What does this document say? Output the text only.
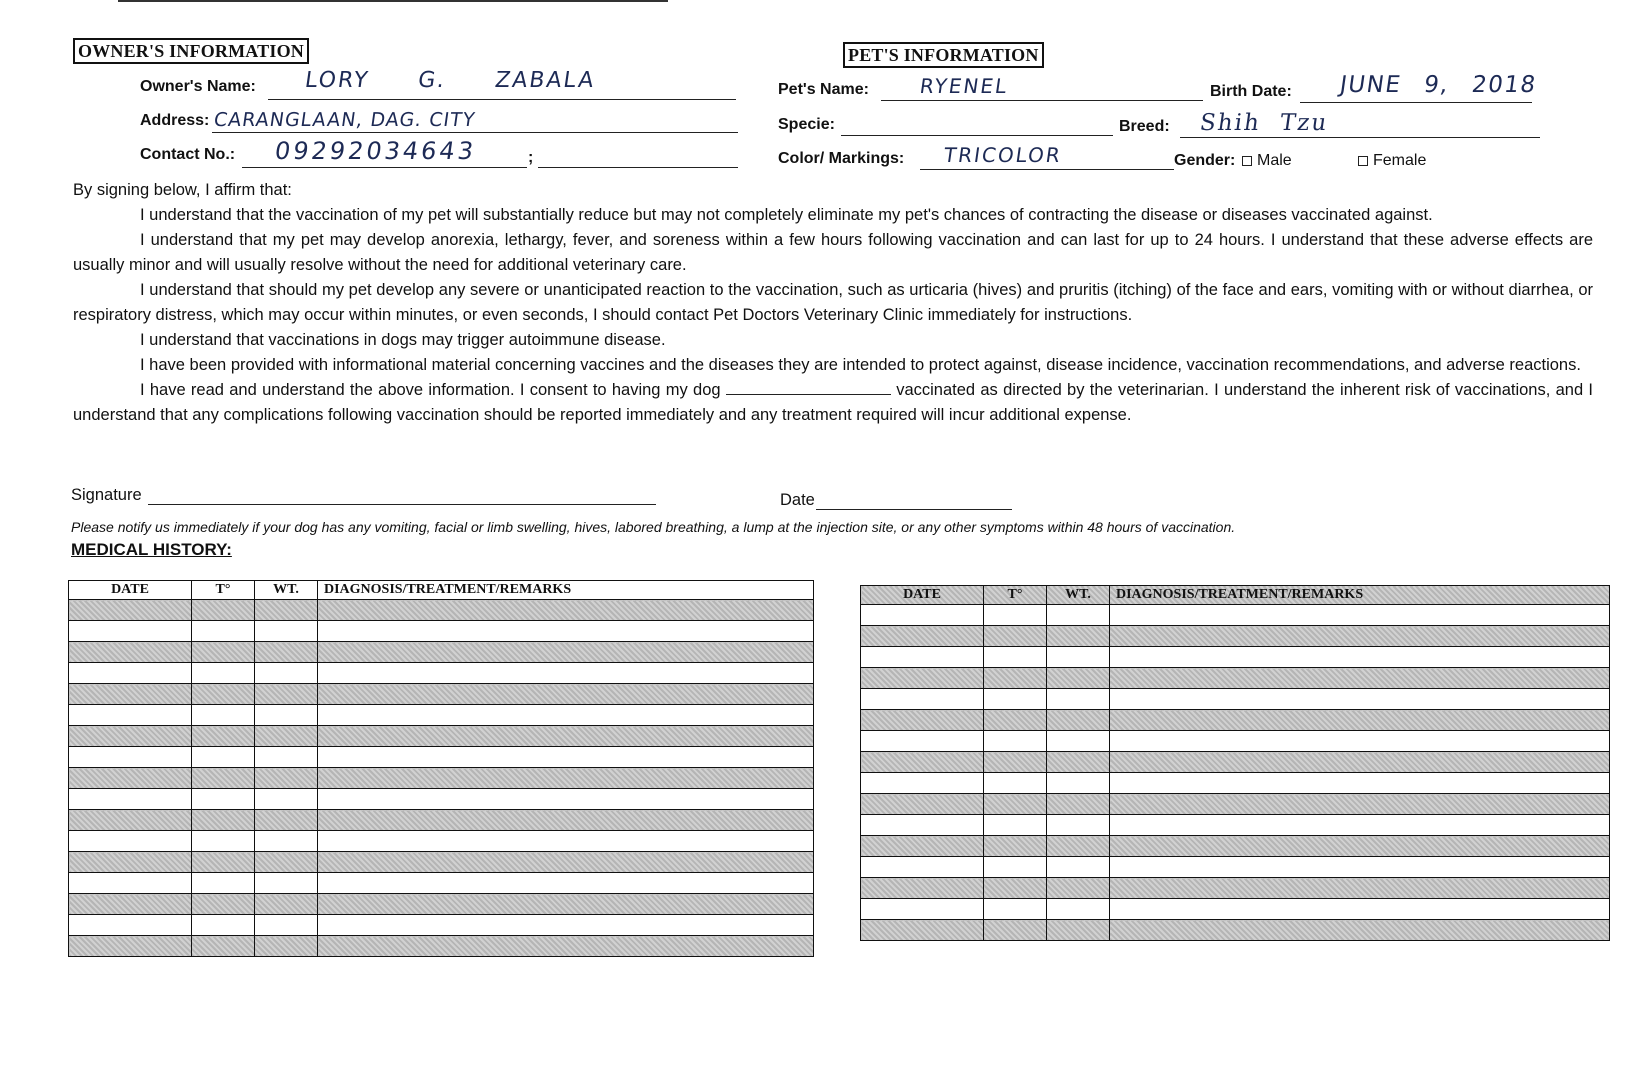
OWNER'S INFORMATION
Owner's Name: LORY G. ZABALA
Address: CARANGLAAN, DAG. CITY
Contact No.:	;
09292034643
PET'S INFORMATION
Pet's Name: RYENEL	Birth Date: JUNE 9, 2018
Specie:	Breed: Shih Tzu
Color/ Markings: TRICOLOR	Gender:	Male	Female

By signing below, I affirm that:

I understand that the vaccination of my pet will substantially reduce but may not completely eliminate my pet's chances of contracting the disease or diseases vaccinated against.

I understand that my pet may develop anorexia, lethargy, fever, and soreness within a few hours following vaccination and can last for up to 24 hours. I understand that these adverse effects are usually minor and will usually resolve without the need for additional veterinary care.

I understand that should my pet develop any severe or unanticipated reaction to the vaccination, such as urticaria (hives) and pruritis (itching) of the face and ears, vomiting with or without diarrhea, or respiratory distress, which may occur within minutes, or even seconds, I should contact Pet Doctors Veterinary Clinic immediately for instructions.

I understand that vaccinations in dogs may trigger autoimmune disease.

I have been provided with informational material concerning vaccines and the diseases they are intended to protect against, disease incidence, vaccination recommendations, and adverse reactions.

I have read and understand the above information. I consent to having my dog	vaccinated as directed by the veterinarian. I understand the inherent risk of vaccinations, and I understand that any complications following vaccination should be reported immediately and any treatment required will incur additional expense.

Signature	Date
Please notify us immediately if your dog has any vomiting, facial or limb swelling, hives, labored breathing, a lump at the injection site, or any other symptoms within 48 hours of vaccination.
MEDICAL HISTORY:
DATE	T°	WT.	DIAGNOSIS/TREATMENT/REMARKS

				DATE	T°	WT.	DIAGNOSIS/TREATMENT/REMARKS
